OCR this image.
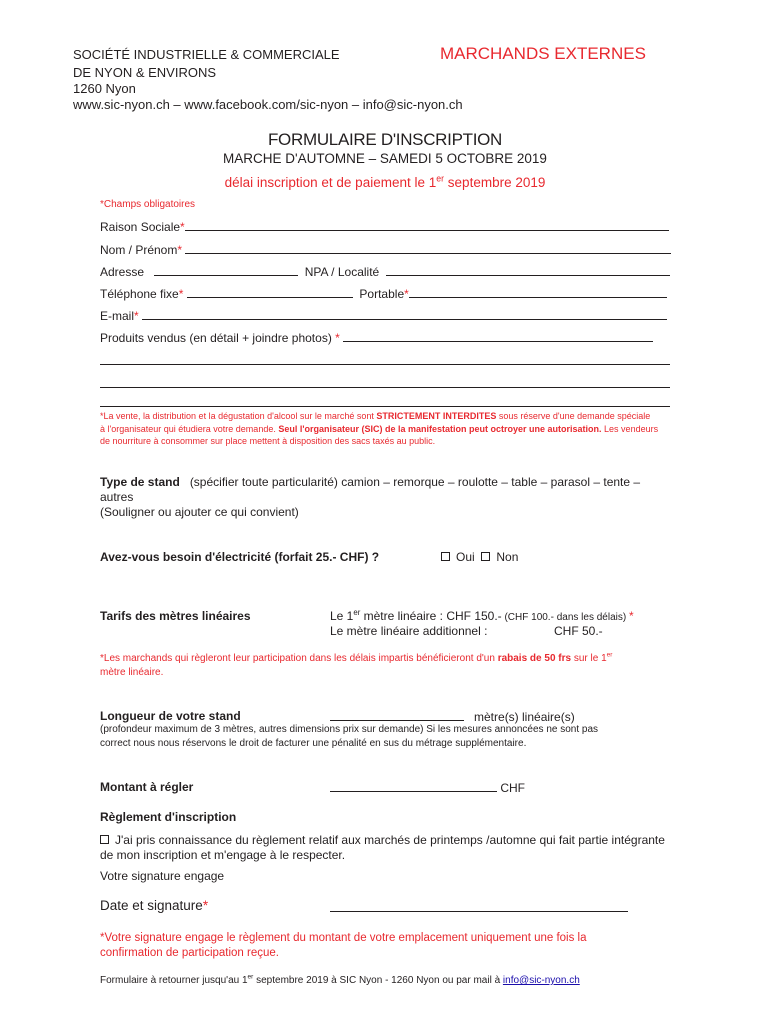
SOCIÉTÉ INDUSTRIELLE & COMMERCIALE
DE NYON & ENVIRONS
1260 Nyon
www.sic-nyon.ch – www.facebook.com/sic-nyon – info@sic-nyon.ch
MARCHANDS EXTERNES
FORMULAIRE D'INSCRIPTION
MARCHE D'AUTOMNE – SAMEDI 5 OCTOBRE 2019
délai inscription et de paiement le 1er septembre 2019
*Champs obligatoires
Raison Sociale*
Nom / Prénom*
Adresse	NPA / Localité
Téléphone fixe*	Portable*
E-mail*
Produits vendus (en détail + joindre photos) *
*La vente, la distribution et la dégustation d'alcool sur le marché sont STRICTEMENT INTERDITES sous réserve d'une demande spéciale
à l'organisateur qui étudiera votre demande. Seul l'organisateur (SIC) de la manifestation peut octroyer une autorisation. Les vendeurs
de nourriture à consommer sur place mettent à disposition des sacs taxés au public.
Type de stand (spécifier toute particularité) camion – remorque – roulotte – table – parasol – tente –
autres
(Souligner ou ajouter ce qui convient)
Avez-vous besoin d'électricité (forfait 25.- CHF) ?	Oui Non
Tarifs des mètres linéaires	Le 1er mètre linéaire : CHF 150.- (CHF 100.- dans les délais) *
Le mètre linéaire additionnel :	CHF 50.-
*Les marchands qui règleront leur participation dans les délais impartis bénéficieront d'un rabais de 50 frs sur le 1er
mètre linéaire.
Longueur de votre stand	mètre(s) linéaire(s)
(profondeur maximum de 3 mètres, autres dimensions prix sur demande) Si les mesures annoncées ne sont pas
correct nous nous réservons le droit de facturer une pénalité en sus du métrage supplémentaire.
Montant à régler	CHF
Règlement d'inscription
J'ai pris connaissance du règlement relatif aux marchés de printemps /automne qui fait partie intégrante
de mon inscription et m'engage à le respecter.
Votre signature engage
Date et signature*
*Votre signature engage le règlement du montant de votre emplacement uniquement une fois la
confirmation de participation reçue.
Formulaire à retourner jusqu'au 1er septembre 2019 à SIC Nyon - 1260 Nyon ou par mail à info@sic-nyon.ch
